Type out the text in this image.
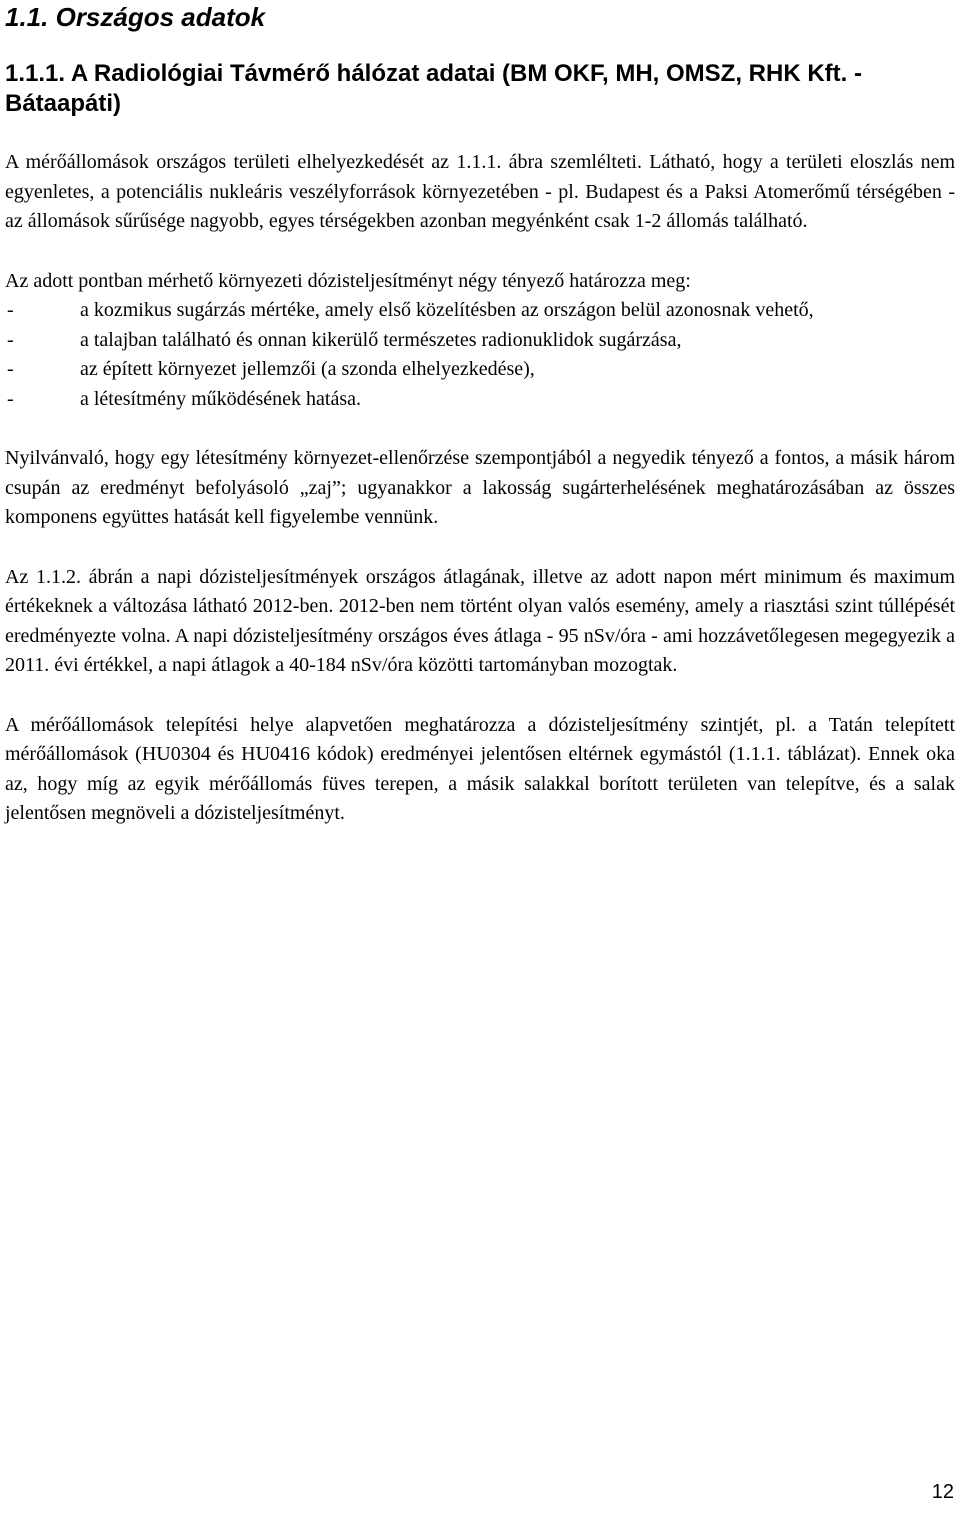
1.1. Országos adatok
1.1.1. A Radiológiai Távmérő hálózat adatai (BM OKF, MH, OMSZ, RHK Kft. - Bátaapáti)

A mérőállomások országos területi elhelyezkedését az 1.1.1. ábra szemlélteti. Látható, hogy a területi eloszlás nem egyenletes, a potenciális nukleáris veszélyforrások környezetében - pl. Budapest és a Paksi Atomerőmű térségében - az állomások sűrűsége nagyobb, egyes térségekben azonban megyénként csak 1-2 állomás található.

Az adott pontban mérhető környezeti dózisteljesítményt négy tényező határozza meg:

-	a kozmikus sugárzás mértéke, amely első közelítésben az országon belül azonosnak vehető,
-	a talajban található és onnan kikerülő természetes radionuklidok sugárzása,
-	az épített környezet jellemzői (a szonda elhelyezkedése),
-	a létesítmény működésének hatása.

Nyilvánvaló, hogy egy létesítmény környezet-ellenőrzése szempontjából a negyedik tényező a fontos, a másik három csupán az eredményt befolyásoló „zaj”; ugyanakkor a lakosság sugárterhelésének meghatározásában az összes komponens együttes hatását kell figyelembe vennünk.

Az 1.1.2. ábrán a napi dózisteljesítmények országos átlagának, illetve az adott napon mért minimum és maximum értékeknek a változása látható 2012-ben. 2012-ben nem történt olyan valós esemény, amely a riasztási szint túllépését eredményezte volna. A napi dózisteljesítmény országos éves átlaga - 95 nSv/óra - ami hozzávetőlegesen megegyezik a 2011. évi értékkel, a napi átlagok a 40-184 nSv/óra közötti tartományban mozogtak.

A mérőállomások telepítési helye alapvetően meghatározza a dózisteljesítmény szintjét, pl. a Tatán telepített mérőállomások (HU0304 és HU0416 kódok) eredményei jelentősen eltérnek egymástól (1.1.1. táblázat). Ennek oka az, hogy míg az egyik mérőállomás füves terepen, a másik salakkal borított területen van telepítve, és a salak jelentősen megnöveli a dózisteljesítményt.

12
